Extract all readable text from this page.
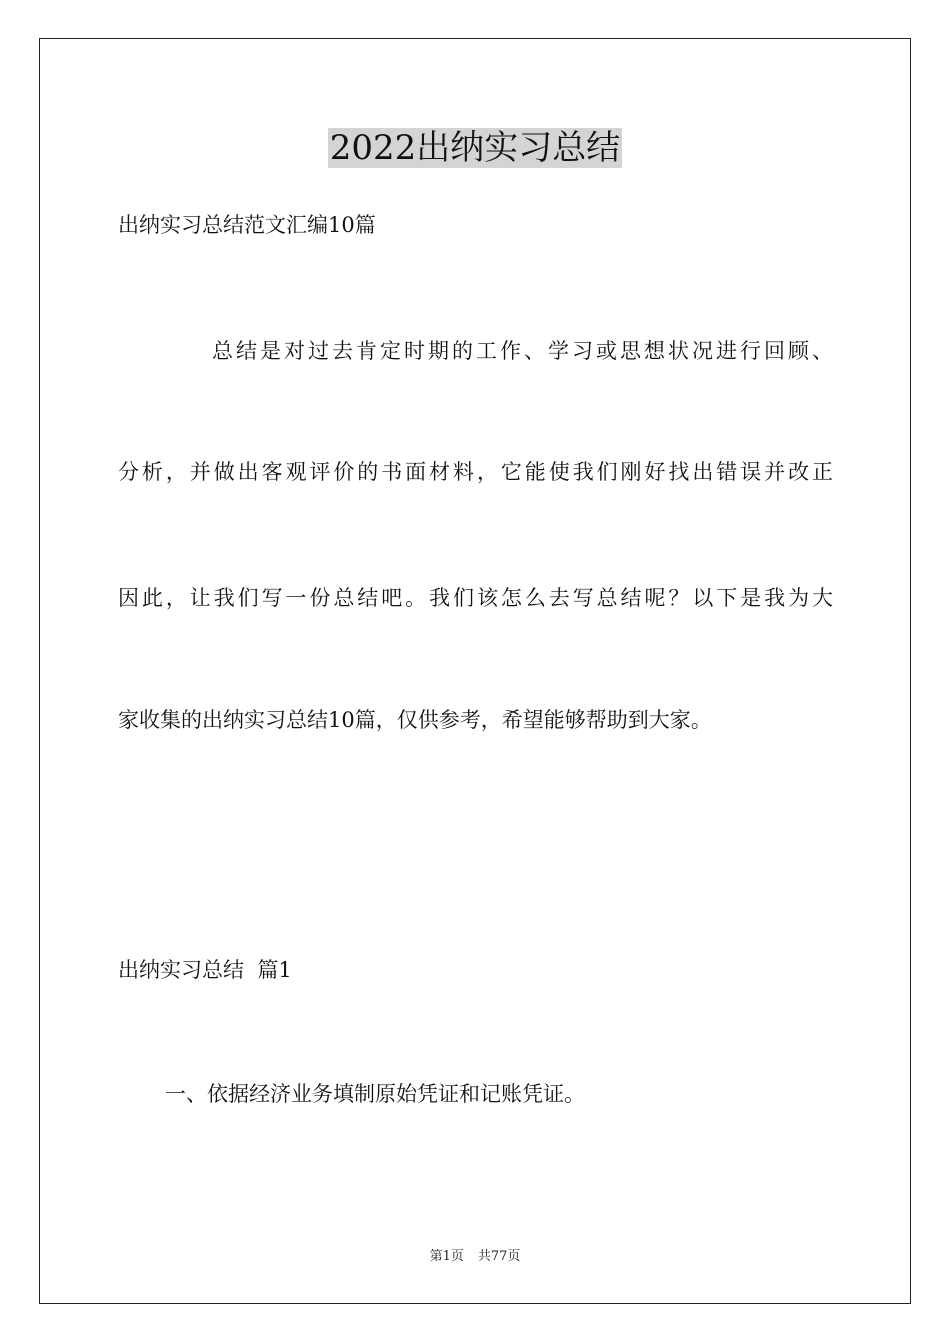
2022出纳实习总结
出纳实习总结范文汇编10篇
总结是对过去肯定时期的工作、学习或思想状况进行回顾、
分析，并做出客观评价的书面材料，它能使我们刚好找出错误并改正
因此，让我们写一份总结吧。我们该怎么去写总结呢？以下是我为大
家收集的出纳实习总结10篇，仅供参考，希望能够帮助到大家。
出纳实习总结  篇1
一、依据经济业务填制原始凭证和记账凭证。
第1页 共77页
